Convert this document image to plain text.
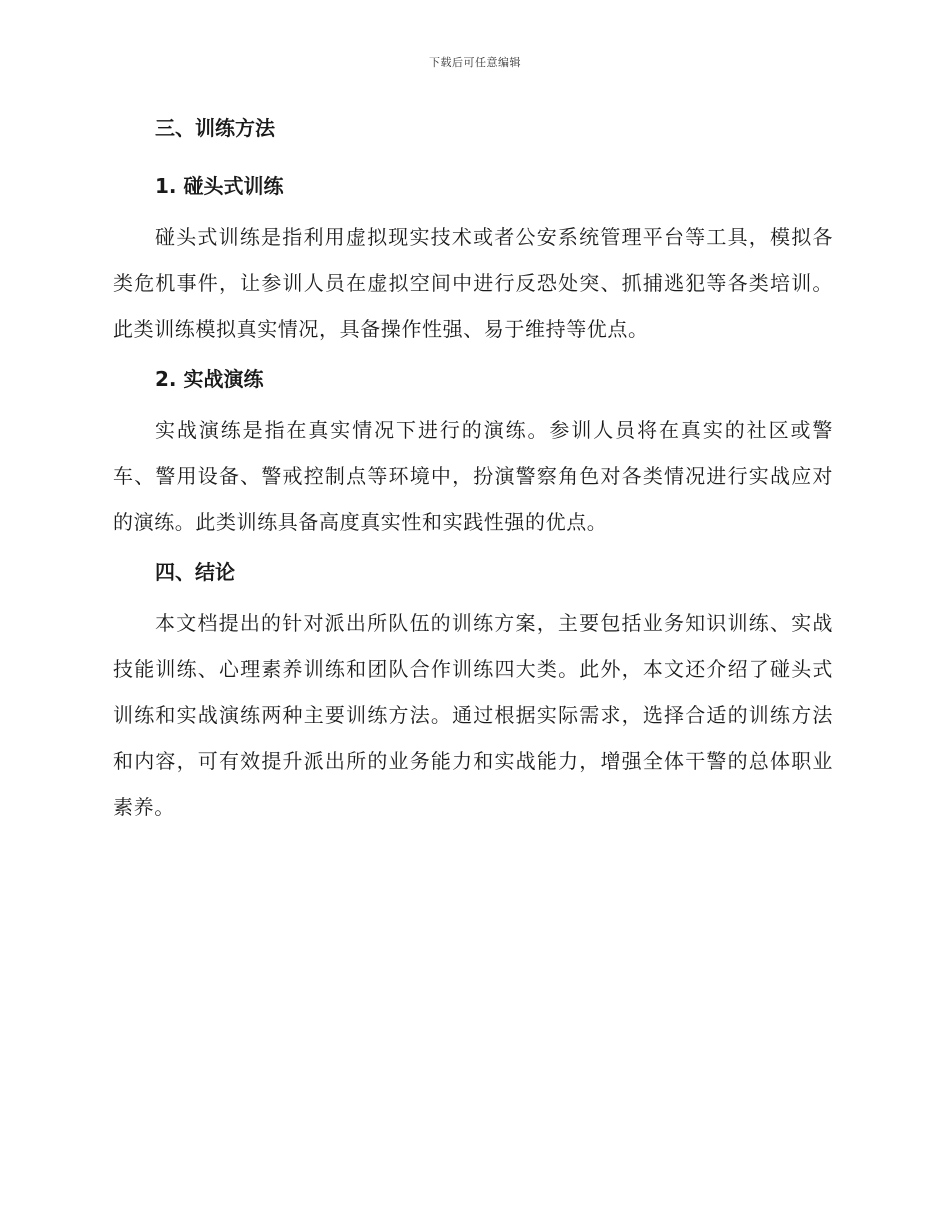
下载后可任意编辑
三、训练方法
1. 碰头式训练

碰头式训练是指利用虚拟现实技术或者公安系统管理平台等工具，模拟各类危机事件，让参训人员在虚拟空间中进行反恐处突、抓捕逃犯等各类培训。此类训练模拟真实情况，具备操作性强、易于维持等优点。

2. 实战演练

实战演练是指在真实情况下进行的演练。参训人员将在真实的社区或警车、警用设备、警戒控制点等环境中，扮演警察角色对各类情况进行实战应对的演练。此类训练具备高度真实性和实践性强的优点。

四、结论

本文档提出的针对派出所队伍的训练方案，主要包括业务知识训练、实战技能训练、心理素养训练和团队合作训练四大类。此外，本文还介绍了碰头式训练和实战演练两种主要训练方法。通过根据实际需求，选择合适的训练方法和内容，可有效提升派出所的业务能力和实战能力，增强全体干警的总体职业素养。
